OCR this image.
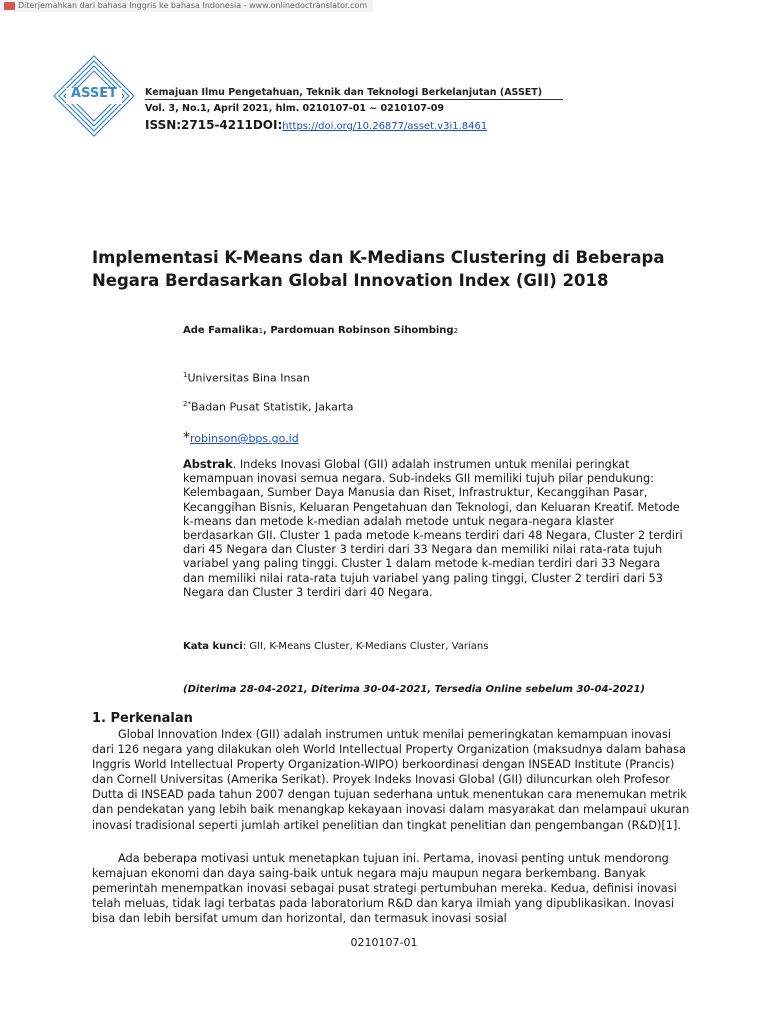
Diterjemahkan dari bahasa Inggris ke bahasa Indonesia - www.onlinedoctranslator.com
ASSET	Kemajuan Ilmu Pengetahuan, Teknik dan Teknologi Berkelanjutan (ASSET)
Vol. 3, No.1, April 2021, hlm. 0210107-01 ~ 0210107-09
ISSN:2715-4211DOI:https://doi.org/10.26877/asset.v3i1.8461
Implementasi K-Means dan K-Medians Clustering di Beberapa Negara Berdasarkan Global Innovation Index (GII) 2018
Ade Famalika1, Pardomuan Robinson Sihombing2
$^1$Universitas Bina Insan
$^{2*}$Badan Pusat Statistik, Jakarta
*robinson@bps.go.id
Abstrak. Indeks Inovasi Global (GII) adalah instrumen untuk menilai peringkat kemampuan inovasi semua negara. Sub-indeks GII memiliki tujuh pilar pendukung: Kelembagaan, Sumber Daya Manusia dan Riset, Infrastruktur, Kecanggihan Pasar, Kecanggihan Bisnis, Keluaran Pengetahuan dan Teknologi, dan Keluaran Kreatif. Metode k-means dan metode k-median adalah metode untuk negara-negara klaster berdasarkan GII. Cluster 1 pada metode k-means terdiri dari 48 Negara, Cluster 2 terdiri dari 45 Negara dan Cluster 3 terdiri dari 33 Negara dan memiliki nilai rata-rata tujuh variabel yang paling tinggi. Cluster 1 dalam metode k-median terdiri dari 33 Negara dan memiliki nilai rata-rata tujuh variabel yang paling tinggi, Cluster 2 terdiri dari 53 Negara dan Cluster 3 terdiri dari 40 Negara.
Kata kunci: GII, K-Means Cluster, K-Medians Cluster, Varians
(Diterima 28-04-2021, Diterima 30-04-2021, Tersedia Online sebelum 30-04-2021)
1. Perkenalan
Global Innovation Index (GII) adalah instrumen untuk menilai pemeringkatan kemampuan inovasi dari 126 negara yang dilakukan oleh World Intellectual Property Organization (maksudnya dalam bahasa Inggris World Intellectual Property Organization-WIPO) berkoordinasi dengan INSEAD Institute (Prancis) dan Cornell Universitas (Amerika Serikat). Proyek Indeks Inovasi Global (GII) diluncurkan oleh Profesor Dutta di INSEAD pada tahun 2007 dengan tujuan sederhana untuk menentukan cara menemukan metrik dan pendekatan yang lebih baik menangkap kekayaan inovasi dalam masyarakat dan melampaui ukuran inovasi tradisional seperti jumlah artikel penelitian dan tingkat penelitian dan pengembangan (R&D)[1].
Ada beberapa motivasi untuk menetapkan tujuan ini. Pertama, inovasi penting untuk mendorong kemajuan ekonomi dan daya saing-baik untuk negara maju maupun negara berkembang. Banyak pemerintah menempatkan inovasi sebagai pusat strategi pertumbuhan mereka. Kedua, definisi inovasi telah meluas, tidak lagi terbatas pada laboratorium R&D dan karya ilmiah yang dipublikasikan. Inovasi bisa dan lebih bersifat umum dan horizontal, dan termasuk inovasi sosial
0210107-01
